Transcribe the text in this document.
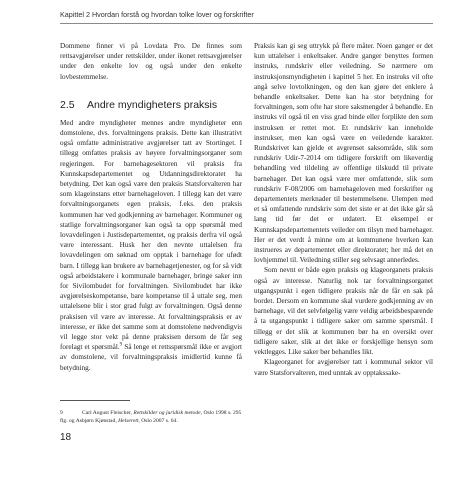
Kapittel 2 Hvordan forstå og hvordan tolke lover og forskrifter

Dommene finner vi på Lovdata Pro. De finnes som rettsavgjørelser under rettskilder, under ikonet rettsavgjørelser under den enkelte lov og også under den enkelte lovbestemmelse.

2.5 Andre myndigheters praksis

Med andre myndigheter mennes andre myndigheter enn domstolene, dvs. forvaltningens praksis. Dette kan illustrativt også omfatte administrative avgjørelser tatt av Stortinget. I tillegg omfattes praksis av høyere forvaltningsorganer som regjeringen. For barnehagesektoren vil praksis fra Kunnskapsdepartementet og Utdanningsdirektoratet ha betydning. Det kan også være den praksis Statsforvalteren har som klageinstans etter barnehageloven. I tillegg kan det være forvaltningsorganets egen praksis, f.eks. den praksis kommunen har ved godkjenning av barnehager. Kommuner og statlige forvaltningsorganer kan også ta opp spørsmål med lovavdelingen i Justisdepartementet, og praksis derfra vil også være interessant. Husk her den nevnte uttalelsen fra lovavdelingen om søknad om opptak i barnehage for ufødt barn. I tillegg kan brukere av barnehagetjenester, og for så vidt også arbeidstakere i kommunale barnehager, bringe saker inn for Sivilombudet for forvaltningen. Sivilombudet har ikke avgjørelseskompetanse, bare kompetanse til å uttale seg, men uttalelsene blir i stor grad fulgt av forvaltningen. Også denne praksisen vil være av interesse. At forvaltningspraksis er av interesse, er ikke det samme som at domstolene nødvendigvis vil legge stor vekt på denne praksisen dersom de får seg forelagt et spørsmål.$^9$ Så lenge et rettsspørsmål ikke er avgjort av domstolene, vil forvaltningspraksis imidlertid kunne få betydning.

Praksis kan gi seg uttrykk på flere måter. Noen ganger er det kun uttalelser i enkeltsaker. Andre ganger benyttes formen instruks, rundskriv eller veiledning. Se nærmere om instruksjonsmyndigheten i kapittel 5 her. En instruks vil ofte angå selve lovtolkningen, og den kan gjøre det enklere å behandle enkeltsaker. Dette kan ha stor betydning for forvaltningen, som ofte har store saksmengder å behandle. En instruks vil også til en viss grad binde eller forplikte den som instruksen er rettet mot. Et rundskriv kan inneholde instrukser, men kan også være en veiledende karakter. Rundskrivet kan gjelde et avgrenset saksområde, slik som rundskriv Udir-7-2014 om tidligere forskrift om likeverdig behandling ved tildeling av offentlige tilskudd til private barnehager. Det kan også være mer omfattende, slik som rundskriv F-08/2006 om barnehageloven med forskrifter og departementets merknader til bestemmelsene. Ulempen med et så omfattende rundskriv som det siste er at det ikke går så lang tid før det er utdatert. Et eksempel er Kunnskapsdepartementets veileder om tilsyn med barnehager. Her er det verdt å minne om at kommunene hverken kan instrueres av departementet eller direktoratet; her må det en lovhjemmel til. Veiledning stiller seg selvsagt annerledes.

Som nevnt er både egen praksis og klageorganets praksis også av interesse. Naturlig nok tar forvaltningsorganet utgangspunkt i egen tidligere praksis når de får en sak på bordet. Dersom en kommune skal vurdere godkjenning av en barnehage, vil det selvfølgelig være veldig arbeidsbesparende å ta utgangspunkt i tidligere saker om samme spørsmål. I tillegg er det slik at kommunen bør ha en oversikt over tidligere saker, slik at det ikke er forskjellige hensyn som vektlegges. Like saker bør behandles likt.

Klageorganet for avgjørelser tatt i kommunal sektor vil være Statsforvalteren, med unntak av opptakssake-

9	Carl August Fleischer, Rettskilder og juridisk metode, Oslo 1998 s. 295 flg. og Asbjørn Kjønstad, Helserett, Oslo 2007 s. 64.
18
